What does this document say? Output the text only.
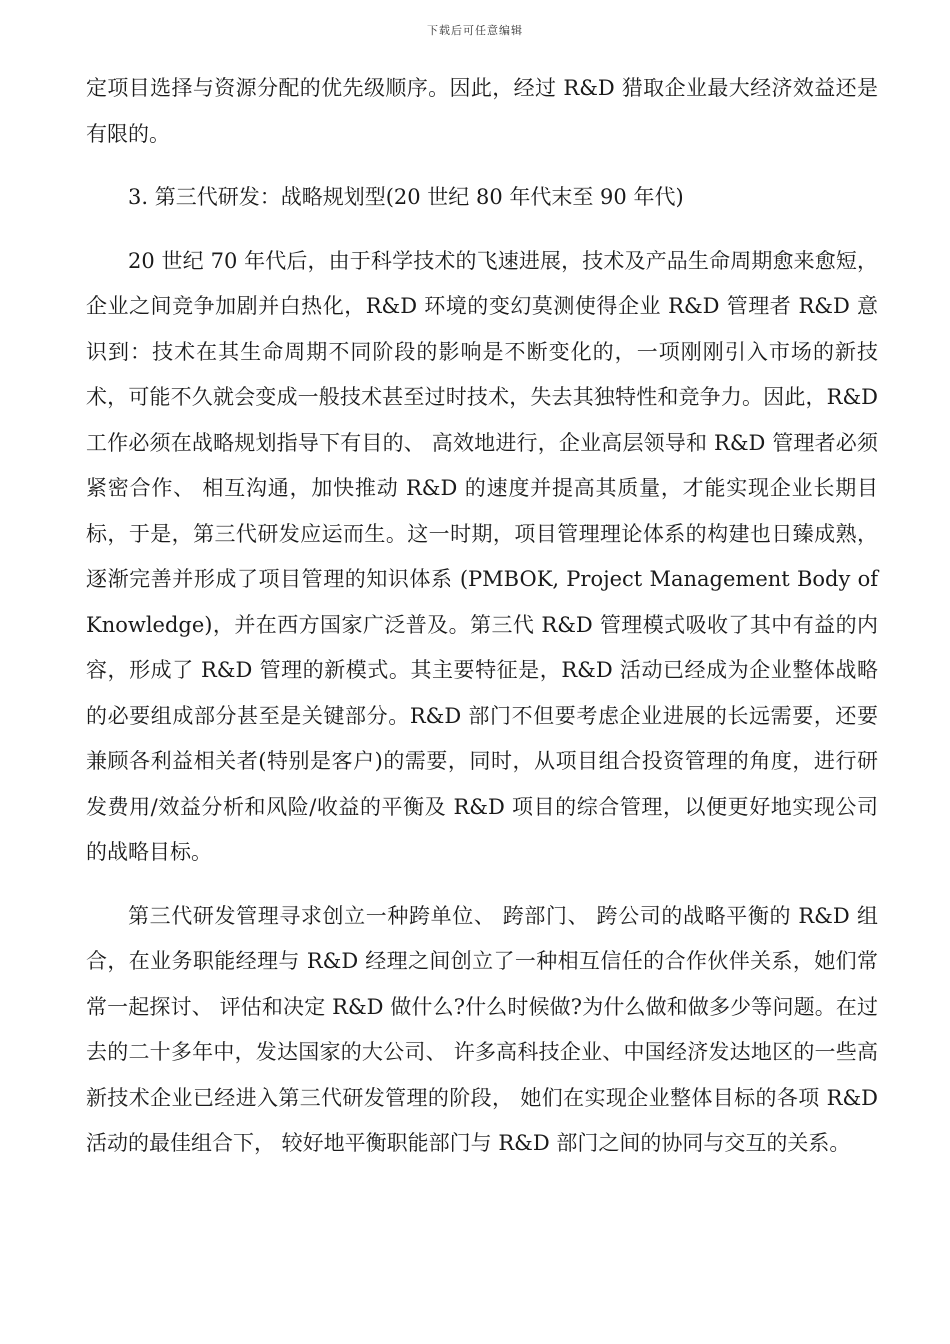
下载后可任意编辑

定项目选择与资源分配的优先级顺序。因此，经过 R&D 猎取企业最大经济效益还是有限的。

3. 第三代研发：战略规划型(20 世纪 80 年代末至 90 年代)

20 世纪 70 年代后，由于科学技术的飞速进展，技术及产品生命周期愈来愈短，企业之间竞争加剧并白热化，R&D 环境的变幻莫测使得企业 R&D 管理者 R&D 意识到：技术在其生命周期不同阶段的影响是不断变化的，一项刚刚引入市场的新技术，可能不久就会变成一般技术甚至过时技术，失去其独特性和竞争力。因此，R&D 工作必须在战略规划指导下有目的、 高效地进行，企业高层领导和 R&D 管理者必须紧密合作、 相互沟通，加快推动 R&D 的速度并提高其质量，才能实现企业长期目标，于是，第三代研发应运而生。这一时期，项目管理理论体系的构建也日臻成熟，逐渐完善并形成了项目管理的知识体系 (PMBOK, Project Management Body of Knowledge)，并在西方国家广泛普及。第三代 R&D 管理模式吸收了其中有益的内容，形成了 R&D 管理的新模式。其主要特征是，R&D 活动已经成为企业整体战略的必要组成部分甚至是关键部分。R&D 部门不但要考虑企业进展的长远需要，还要兼顾各利益相关者(特别是客户)的需要，同时，从项目组合投资管理的角度，进行研发费用/效益分析和风险/收益的平衡及 R&D 项目的综合管理，以便更好地实现公司的战略目标。

第三代研发管理寻求创立一种跨单位、 跨部门、 跨公司的战略平衡的 R&D 组合，在业务职能经理与 R&D 经理之间创立了一种相互信任的合作伙伴关系，她们常常一起探讨、 评估和决定 R&D 做什么?什么时候做?为什么做和做多少等问题。在过去的二十多年中，发达国家的大公司、 许多高科技企业、中国经济发达地区的一些高新技术企业已经进入第三代研发管理的阶段， 她们在实现企业整体目标的各项 R&D 活动的最佳组合下， 较好地平衡职能部门与 R&D 部门之间的协同与交互的关系。
